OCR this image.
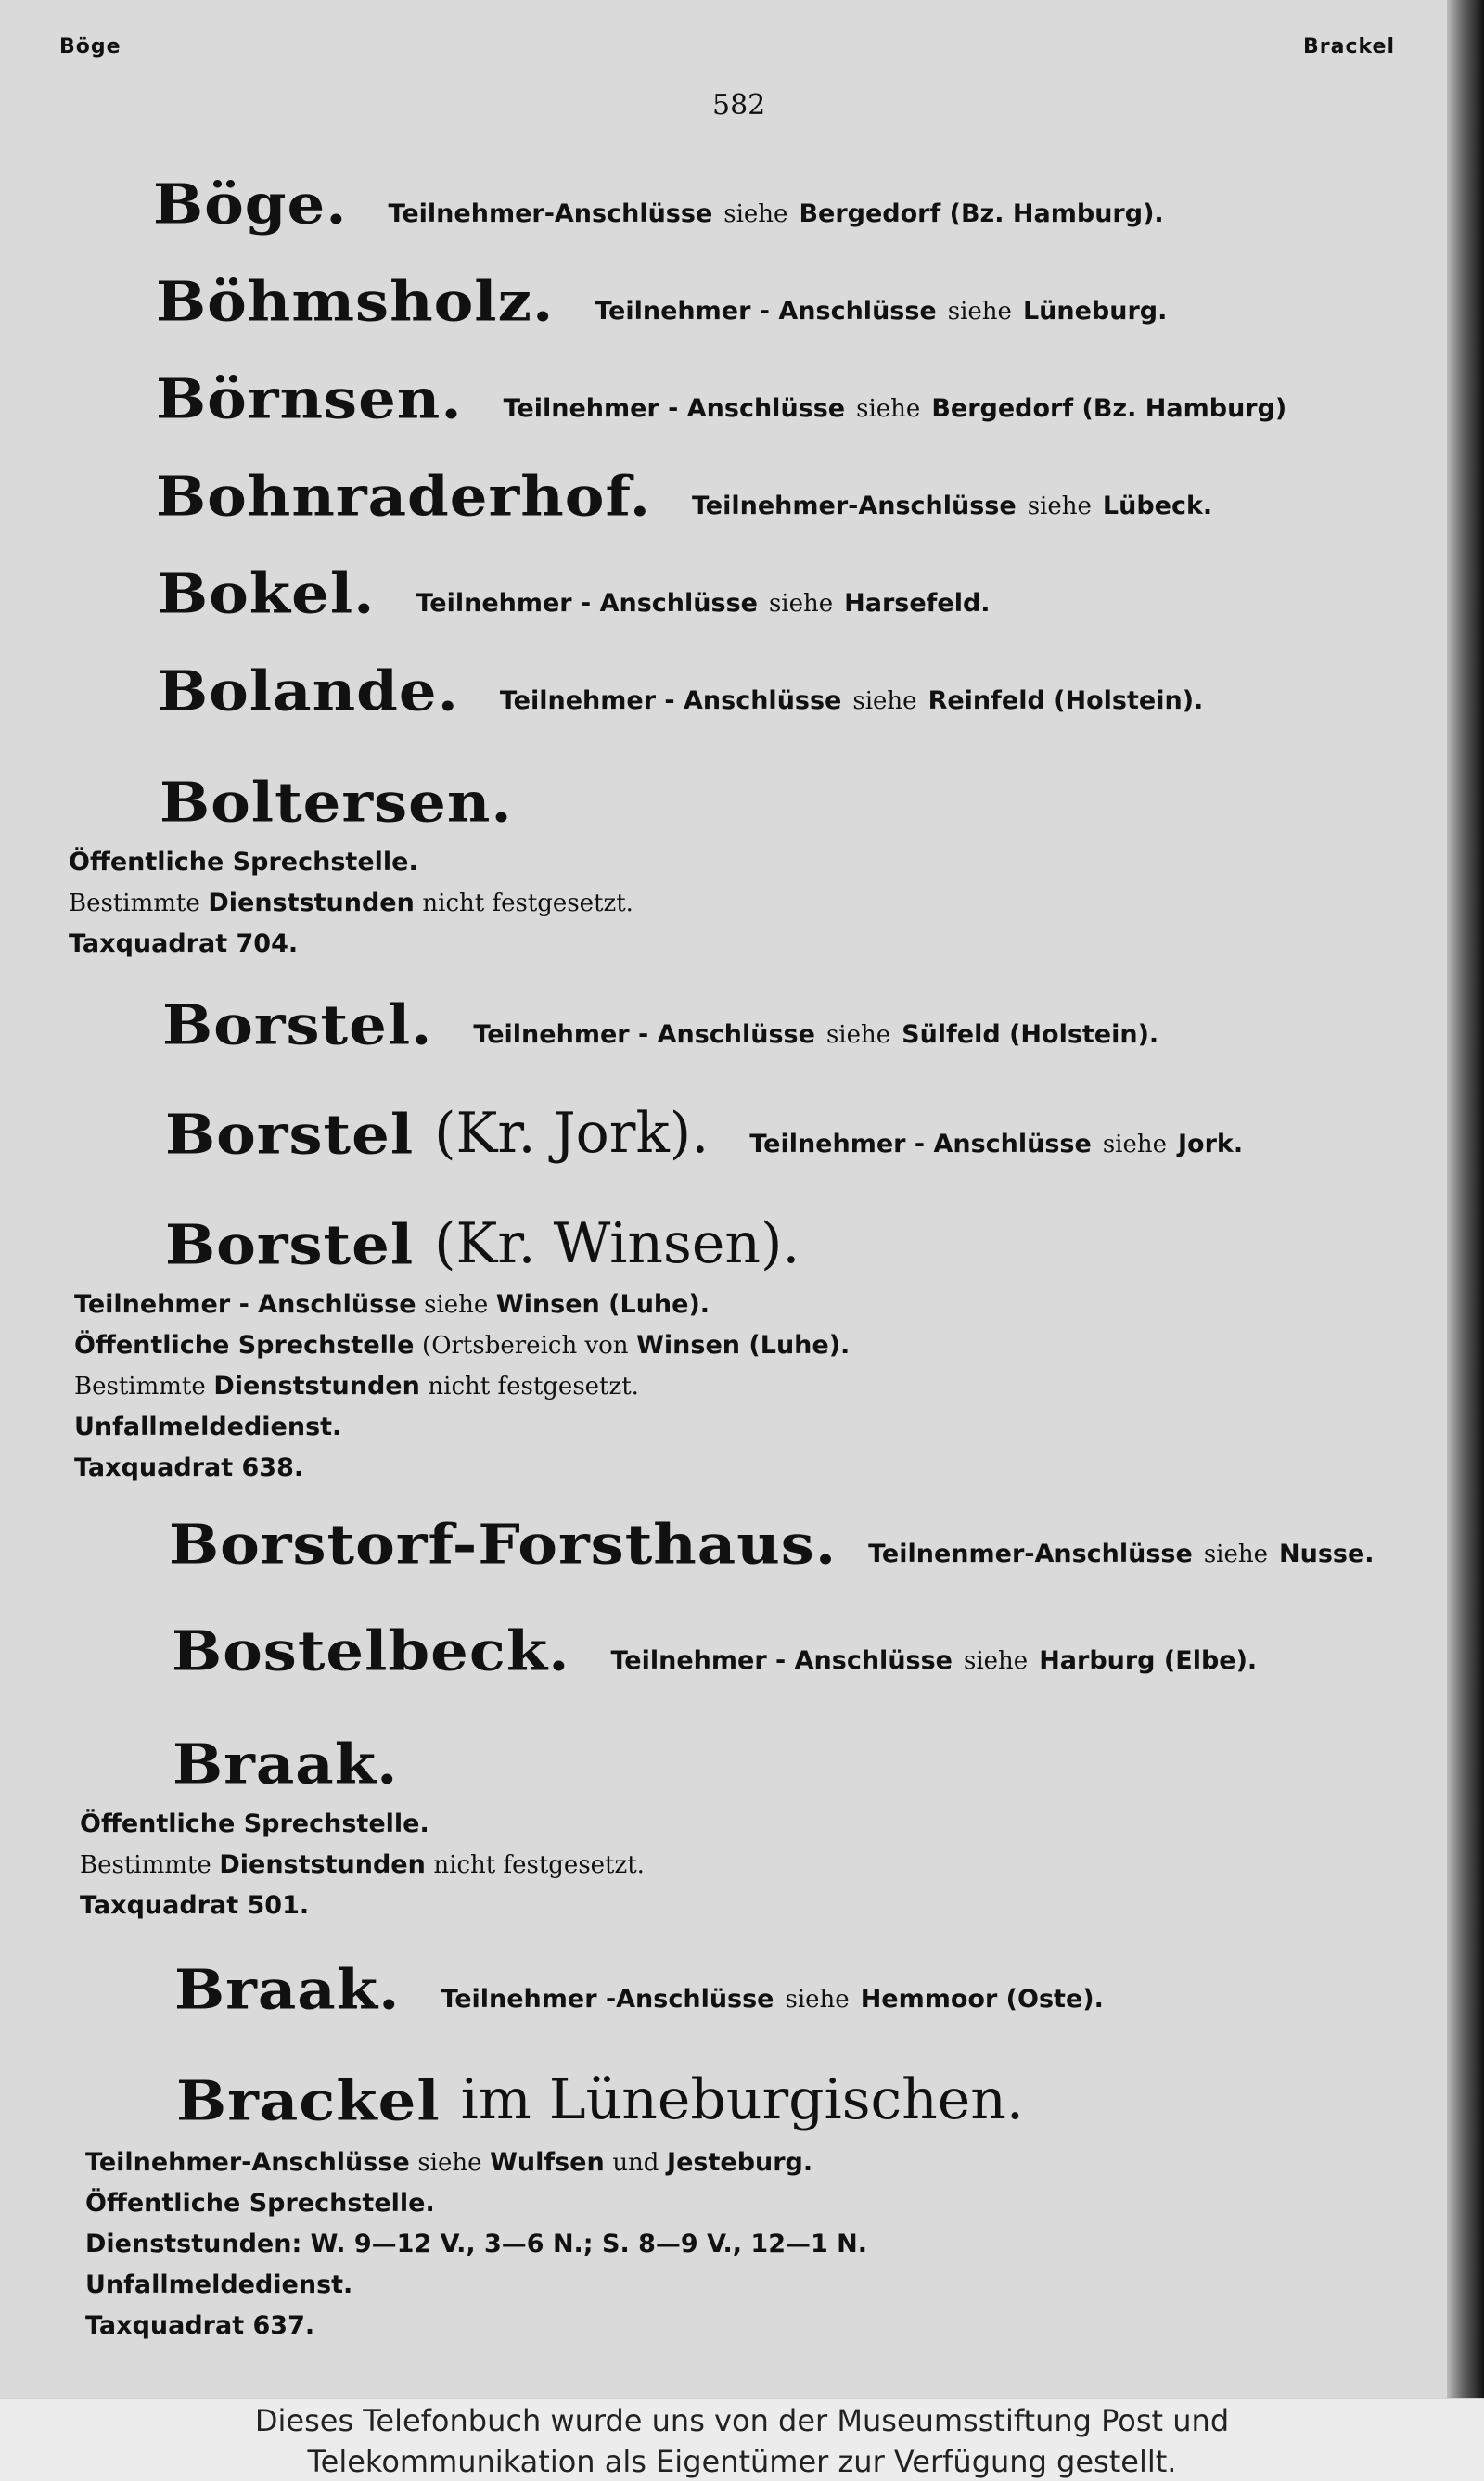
Böge	Brackel
582
Böge. Teilnehmer-Anschlüsse siehe Bergedorf (Bz. Hamburg).
Böhmsholz. Teilnehmer - Anschlüsse siehe Lüneburg.
Börnsen. Teilnehmer - Anschlüsse siehe Bergedorf (Bz. Hamburg)
Bohnraderhof. Teilnehmer-Anschlüsse siehe Lübeck.
Bokel. Teilnehmer - Anschlüsse siehe Harsefeld.
Bolande. Teilnehmer - Anschlüsse siehe Reinfeld (Holstein).
Boltersen.
Öffentliche Sprechstelle.
Bestimmte Dienststunden nicht festgesetzt.
Taxquadrat 704.
Borstel. Teilnehmer - Anschlüsse siehe Sülfeld (Holstein).
Borstel (Kr. Jork). Teilnehmer - Anschlüsse siehe Jork.
Borstel (Kr. Winsen).
Teilnehmer - Anschlüsse siehe Winsen (Luhe).
Öffentliche Sprechstelle (Ortsbereich von Winsen (Luhe).
Bestimmte Dienststunden nicht festgesetzt.
Unfallmeldedienst.
Taxquadrat 638.
Borstorf-Forsthaus. Teilnenmer-Anschlüsse siehe Nusse.
Bostelbeck. Teilnehmer - Anschlüsse siehe Harburg (Elbe).
Braak.
Öffentliche Sprechstelle.
Bestimmte Dienststunden nicht festgesetzt.
Taxquadrat 501.
Braak. Teilnehmer -Anschlüsse siehe Hemmoor (Oste).
Brackel im Lüneburgischen.
Teilnehmer-Anschlüsse siehe Wulfsen und Jesteburg.
Öffentliche Sprechstelle.
Dienststunden: W. 9—12 V., 3—6 N.; S. 8—9 V., 12—1 N.
Unfallmeldedienst.
Taxquadrat 637.
Dieses Telefonbuch wurde uns von der Museumsstiftung Post und
Telekommunikation als Eigentümer zur Verfügung gestellt.
